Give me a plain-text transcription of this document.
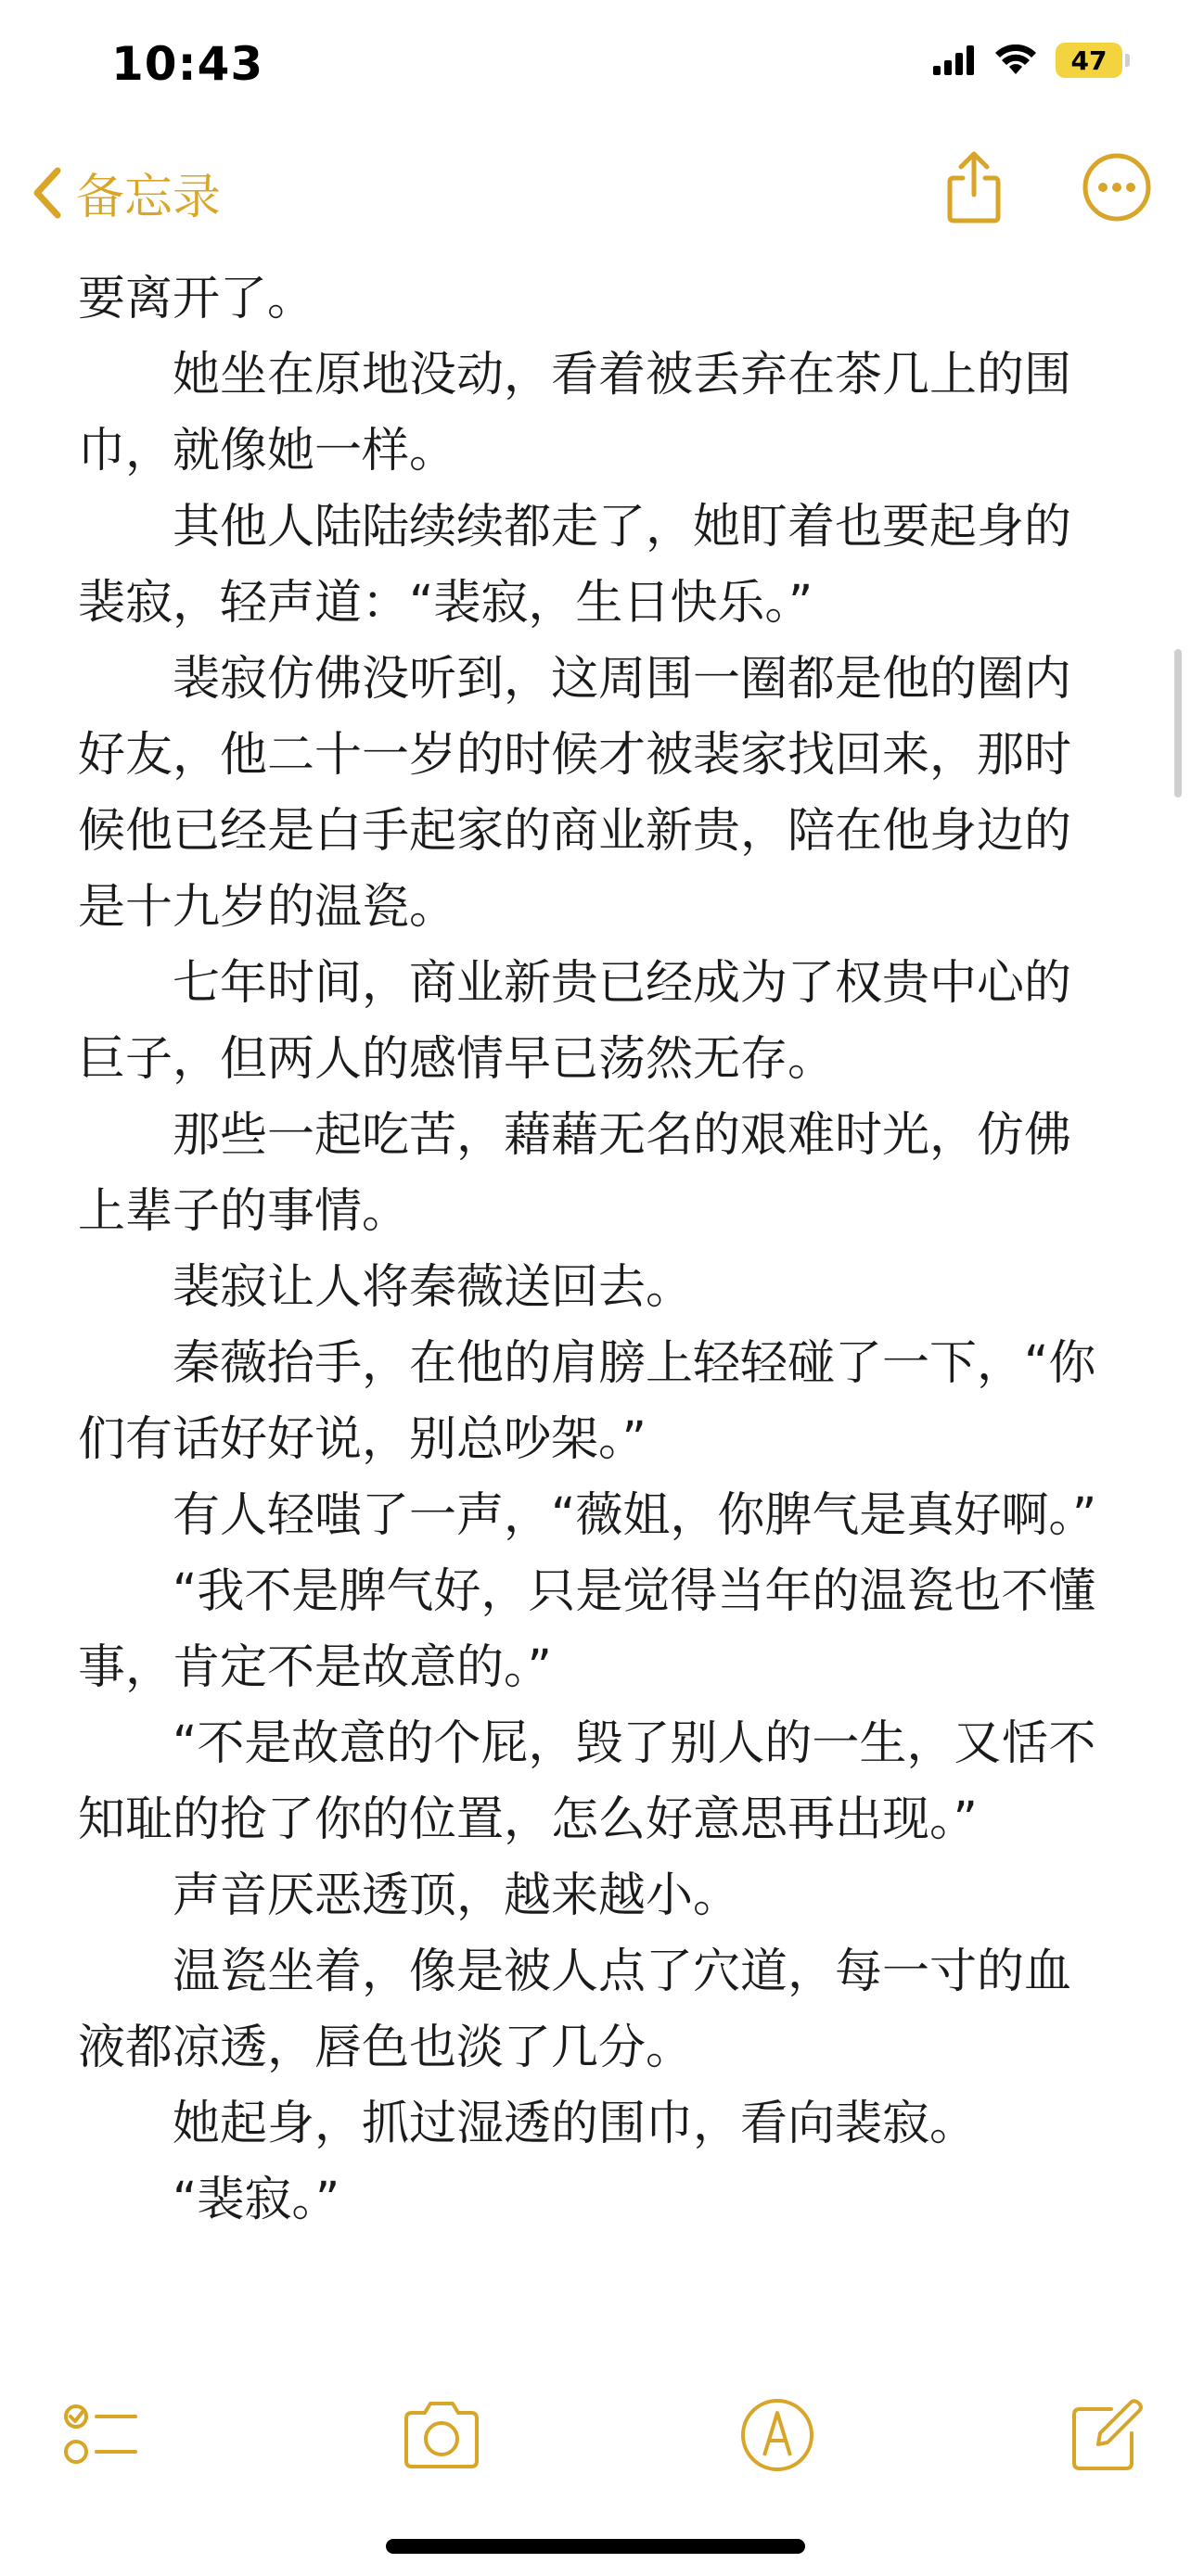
10:43	47
备忘录

要离开了。

她坐在原地没动，看着被丢弃在茶几上的围巾，就像她一样。

其他人陆陆续续都走了，她盯着也要起身的裴寂，轻声道：“裴寂，生日快乐。”

裴寂仿佛没听到，这周围一圈都是他的圈内好友，他二十一岁的时候才被裴家找回来，那时候他已经是白手起家的商业新贵，陪在他身边的是十九岁的温瓷。

七年时间，商业新贵已经成为了权贵中心的巨子，但两人的感情早已荡然无存。

那些一起吃苦，藉藉无名的艰难时光，仿佛上辈子的事情。

裴寂让人将秦薇送回去。

秦薇抬手，在他的肩膀上轻轻碰了一下，“你们有话好好说，别总吵架。”

有人轻嗤了一声，“薇姐，你脾气是真好啊。”

“我不是脾气好，只是觉得当年的温瓷也不懂事，肯定不是故意的。”

“不是故意的个屁，毁了别人的一生，又恬不知耻的抢了你的位置，怎么好意思再出现。”

声音厌恶透顶，越来越小。

温瓷坐着，像是被人点了穴道，每一寸的血液都凉透，唇色也淡了几分。

她起身，抓过湿透的围巾，看向裴寂。

“裴寂。”
